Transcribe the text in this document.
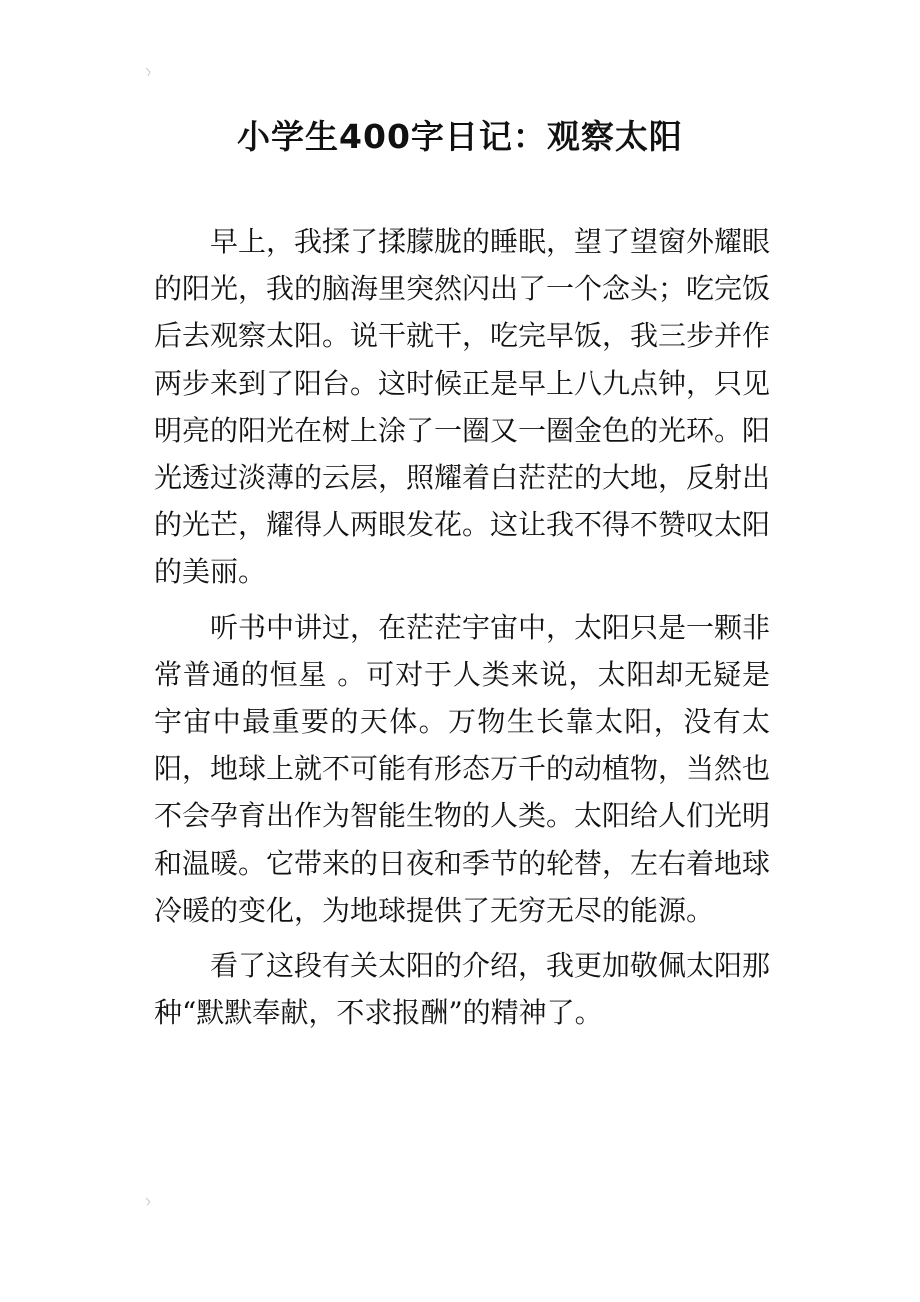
小学生400字日记：观察太阳

早上，我揉了揉朦胧的睡眠，望了望窗外耀眼的阳光，我的脑海里突然闪出了一个念头；吃完饭后去观察太阳。说干就干，吃完早饭，我三步并作两步来到了阳台。这时候正是早上八九点钟，只见明亮的阳光在树上涂了一圈又一圈金色的光环。阳光透过淡薄的云层，照耀着白茫茫的大地，反射出的光芒，耀得人两眼发花。这让我不得不赞叹太阳的美丽。

听书中讲过，在茫茫宇宙中，太阳只是一颗非常普通的恒星 。可对于人类来说，太阳却无疑是宇宙中最重要的天体。万物生长靠太阳，没有太阳，地球上就不可能有形态万千的动植物，当然也不会孕育出作为智能生物的人类。太阳给人们光明和温暖。它带来的日夜和季节的轮替，左右着地球冷暖的变化，为地球提供了无穷无尽的能源。

看了这段有关太阳的介绍，我更加敬佩太阳那种“默默奉献，不求报酬”的精神了。
